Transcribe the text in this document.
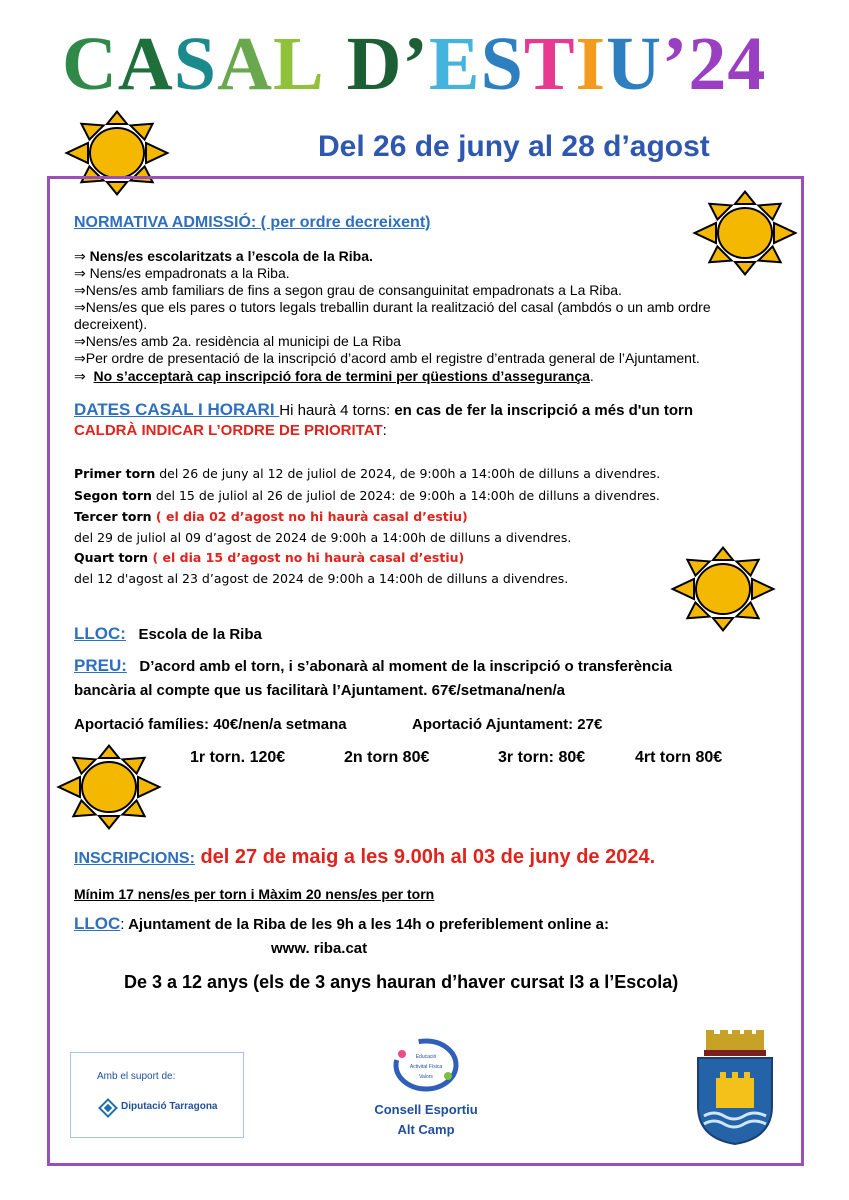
CASAL D’ESTIU’24
Del 26 de juny al 28 d’agost
NORMATIVA ADMISSIÓ: ( per ordre decreixent)
⇒ Nens/es escolaritzats a l’escola de la Riba.
⇒ Nens/es empadronats a la Riba.
⇒Nens/es amb familiars de fins a segon grau de consanguinitat empadronats a La Riba.
⇒Nens/es que els pares o tutors legals treballin durant la realització del casal (ambdós o un amb ordre
decreixent).
⇒Nens/es amb 2a. residència al municipi de La Riba
⇒Per ordre de presentació de la inscripció d’acord amb el registre d’entrada general de l’Ajuntament.
⇒ No s’acceptarà cap inscripció fora de termini per qüestions d’assegurança.
DATES CASAL I HORARI Hi haurà 4 torns: en cas de fer la inscripció a més d'un torn
CALDRÀ INDICAR L’ORDRE DE PRIORITAT:
Primer torn del 26 de juny al 12 de juliol de 2024, de 9:00h a 14:00h de dilluns a divendres.
Segon torn del 15 de juliol al 26 de juliol de 2024: de 9:00h a 14:00h de dilluns a divendres.
Tercer torn ( el dia 02 d’agost no hi haurà casal d’estiu)
del 29 de juliol al 09 d’agost de 2024 de 9:00h a 14:00h de dilluns a divendres.
Quart torn ( el dia 15 d’agost no hi haurà casal d’estiu)
del 12 d'agost al 23 d’agost de 2024 de 9:00h a 14:00h de dilluns a divendres.
LLOC: Escola de la Riba
PREU: D’acord amb el torn, i s’abonarà al moment de la inscripció o transferència
bancària al compte que us facilitarà l’Ajuntament. 67€/setmana/nen/a
Aportació famílies: 40€/nen/a setmana	Aportació Ajuntament: 27€
1r torn. 120€	2n torn 80€	3r torn: 80€	4rt torn 80€
INSCRIPCIONS: del 27 de maig a les 9.00h al 03 de juny de 2024.
Mínim 17 nens/es per torn i Màxim 20 nens/es per torn
LLOC: Ajuntament de la Riba de les 9h a les 14h o preferiblement online a:
www. riba.cat
De 3 a 12 anys (els de 3 anys hauran d’haver cursat I3 a l’Escola)
Amb el suport de:
Diputació Tarragona
Educació
Activitat Física
Valors
Consell Esportiu
Alt Camp
